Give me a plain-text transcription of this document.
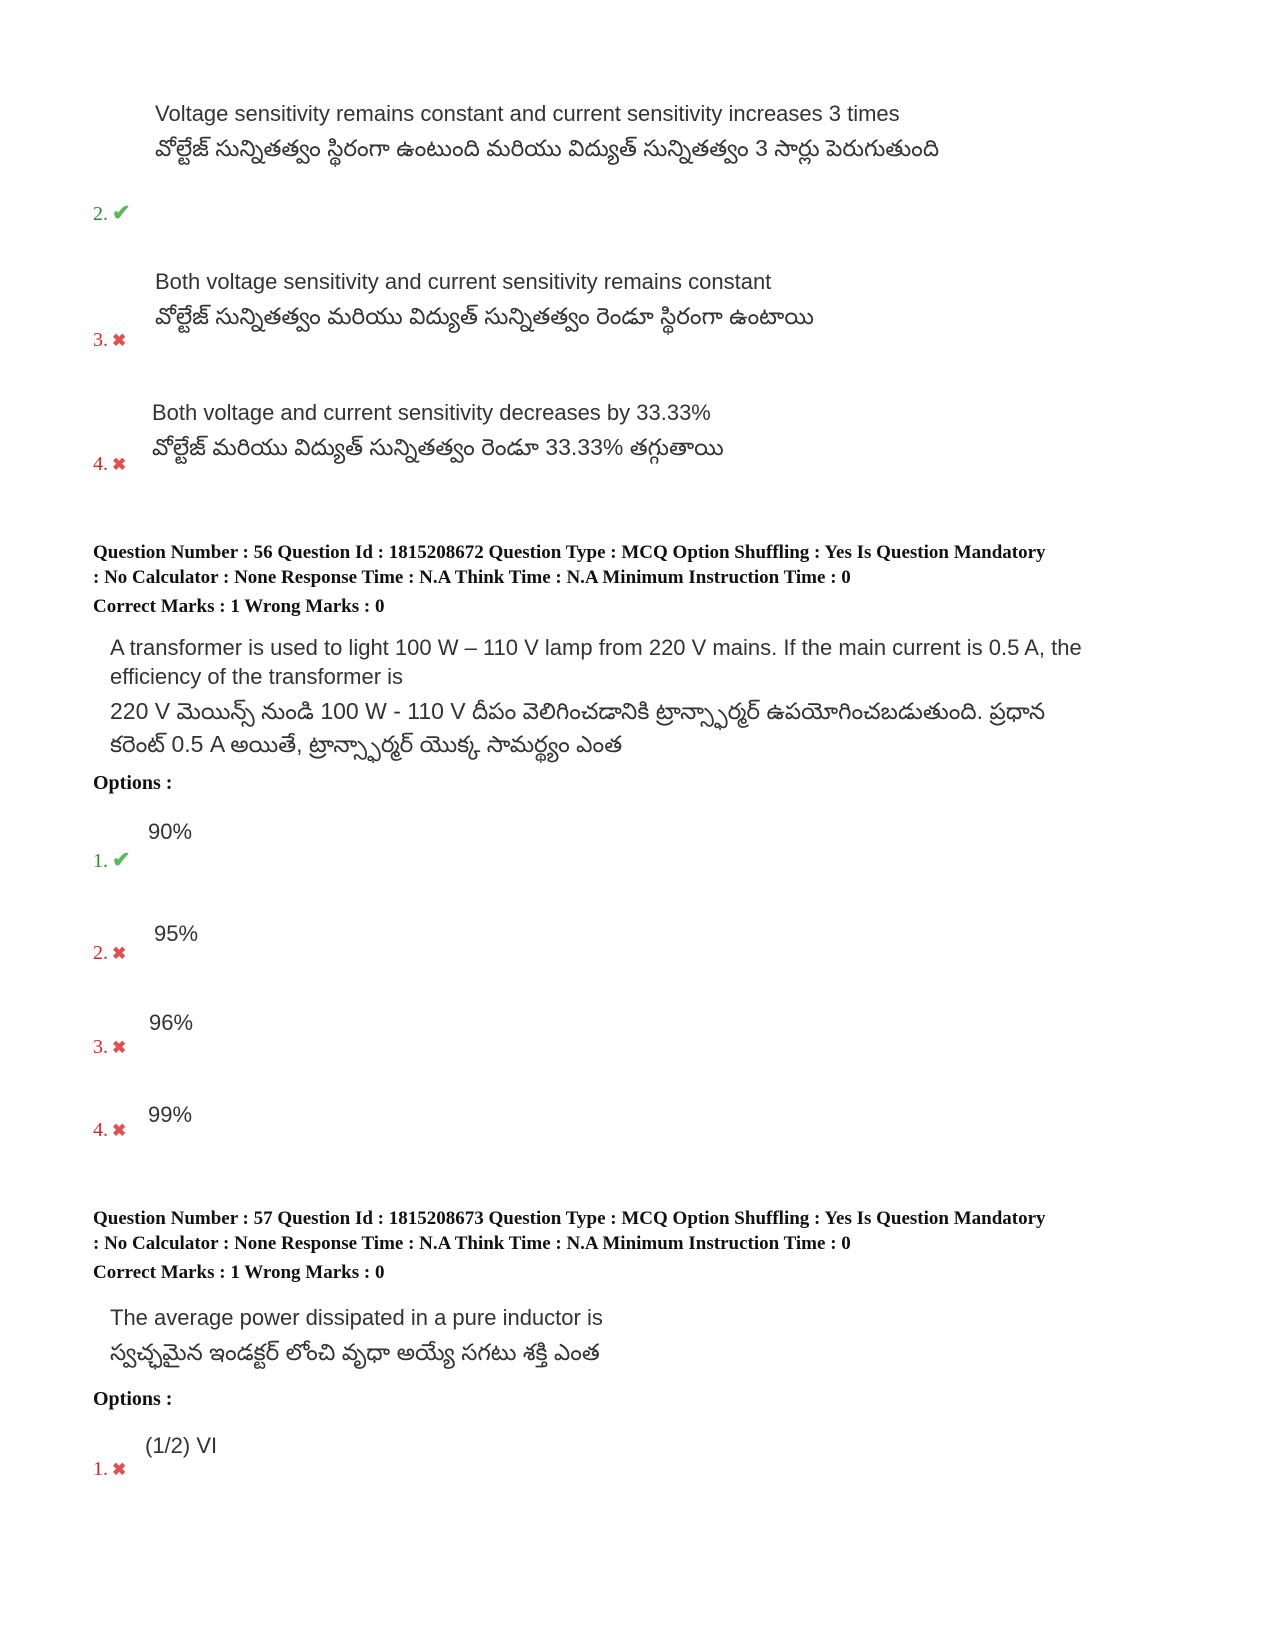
Voltage sensitivity remains constant and current sensitivity increases 3 times
వోల్టేజ్ సున్నితత్వం స్థిరంగా ఉంటుంది మరియు విద్యుత్ సున్నితత్వం 3 సార్లు పెరుగుతుంది
2. ✔
Both voltage sensitivity and current sensitivity remains constant
వోల్టేజ్ సున్నితత్వం మరియు విద్యుత్ సున్నితత్వం రెండూ స్థిరంగా ఉంటాయి
3. ✖
Both voltage and current sensitivity decreases by 33.33%
వోల్టేజ్ మరియు విద్యుత్ సున్నితత్వం రెండూ 33.33% తగ్గుతాయి
4. ✖
Question Number : 56 Question Id : 1815208672 Question Type : MCQ Option Shuffling : Yes Is Question Mandatory
: No Calculator : None Response Time : N.A Think Time : N.A Minimum Instruction Time : 0
Correct Marks : 1 Wrong Marks : 0
A transformer is used to light 100 W – 110 V lamp from 220 V mains. If the main current is 0.5 A, the efficiency of the transformer is
220 V మెయిన్స్ నుండి 100 W - 110 V దీపం వెలిగించడానికి ట్రాన్స్ఫార్మర్ ఉపయోగించబడుతుంది. ప్రధాన కరెంట్ 0.5 A అయితే, ట్రాన్స్ఫార్మర్ యొక్క సామర్థ్యం ఎంత
Options :
90%
1. ✔
95%
2. ✖
96%
3. ✖
99%
4. ✖
Question Number : 57 Question Id : 1815208673 Question Type : MCQ Option Shuffling : Yes Is Question Mandatory
: No Calculator : None Response Time : N.A Think Time : N.A Minimum Instruction Time : 0
Correct Marks : 1 Wrong Marks : 0
The average power dissipated in a pure inductor is
స్వచ్ఛమైన ఇండక్టర్ లోంచి వృధా అయ్యే సగటు శక్తి ఎంత
Options :
(1/2) VI
1. ✖
